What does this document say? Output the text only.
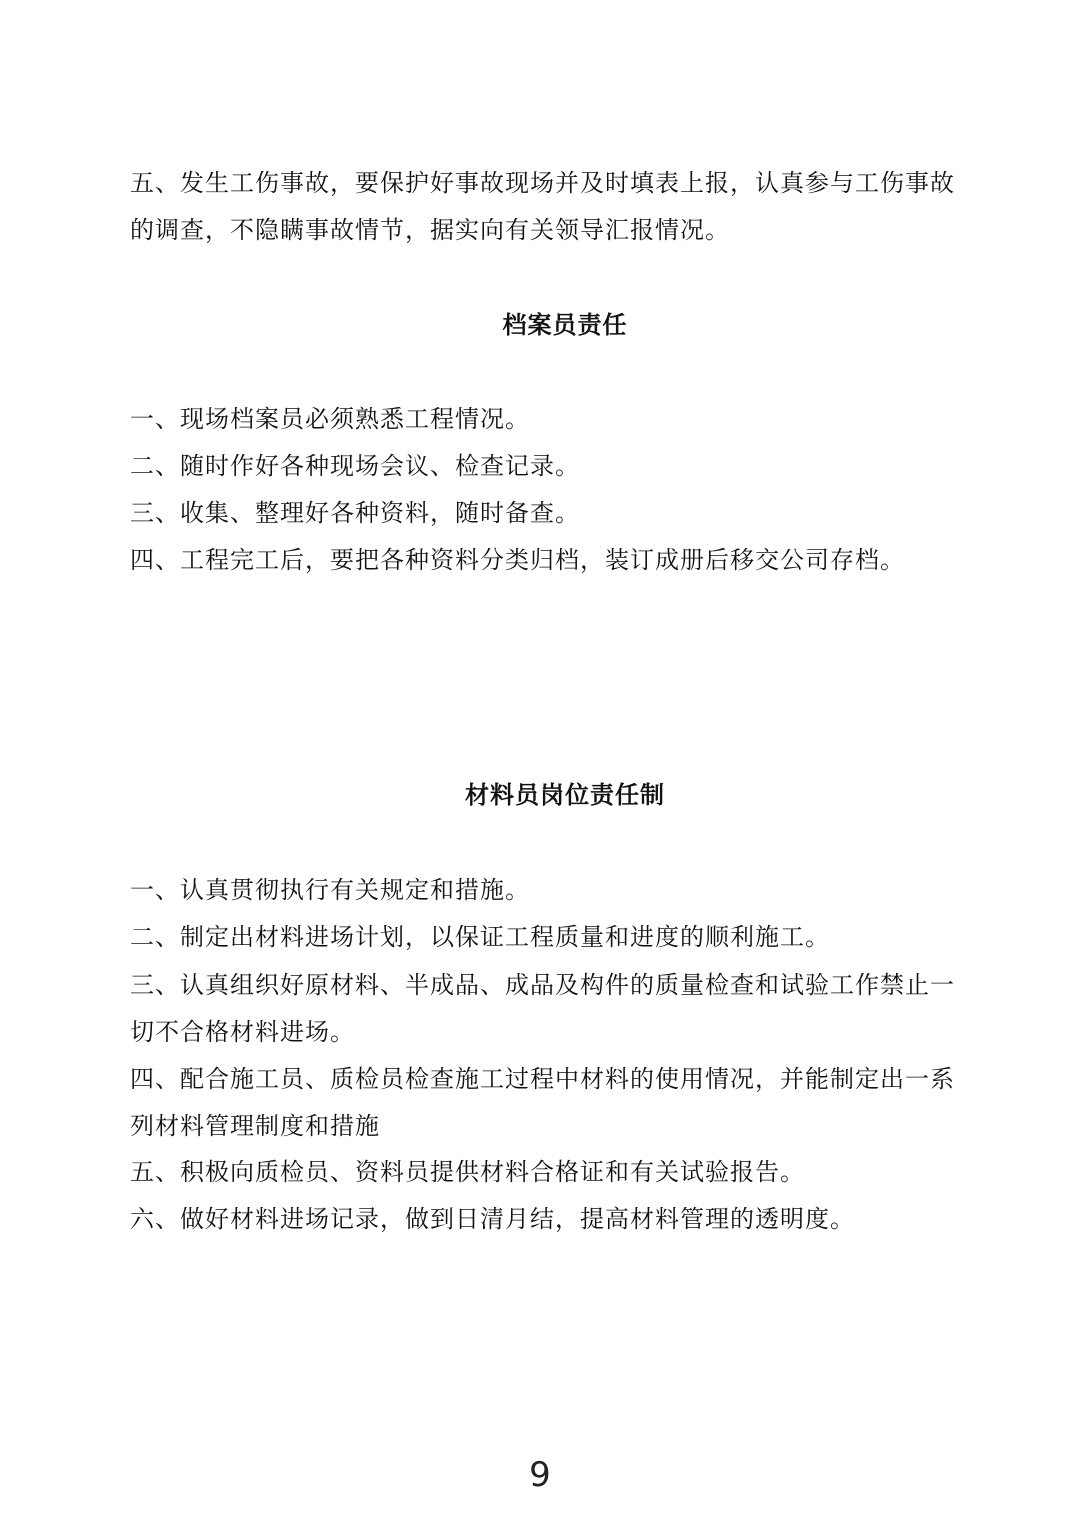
五、发生工伤事故，要保护好事故现场并及时填表上报，认真参与工伤事故的调查，不隐瞒事故情节，据实向有关领导汇报情况。

档案员责任

一、现场档案员必须熟悉工程情况。

二、随时作好各种现场会议、检查记录。

三、收集、整理好各种资料，随时备查。

四、工程完工后，要把各种资料分类归档，装订成册后移交公司存档。

材料员岗位责任制

一、认真贯彻执行有关规定和措施。

二、制定出材料进场计划，以保证工程质量和进度的顺利施工。

三、认真组织好原材料、半成品、成品及构件的质量检查和试验工作禁止一切不合格材料进场。

四、配合施工员、质检员检查施工过程中材料的使用情况，并能制定出一系列材料管理制度和措施

五、积极向质检员、资料员提供材料合格证和有关试验报告。

六、做好材料进场记录，做到日清月结，提高材料管理的透明度。

9
